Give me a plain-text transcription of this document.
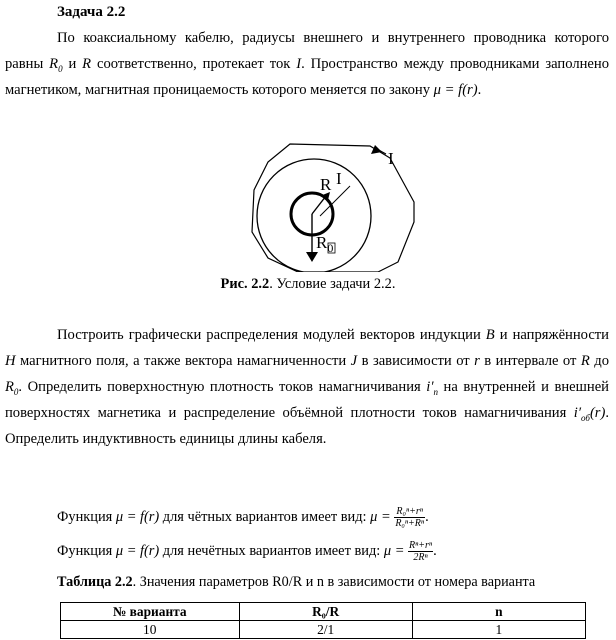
Задача 2.2
По коаксиальному кабелю, радиусы внешнего и внутреннего проводника которого равны $R_0$ и R соответственно, протекает ток I. Пространство между проводниками заполнено магнетиком, магнитная проницаемость которого меняется по закону μ = f(r).
R I
$R_0$
I
Рис. 2.2. Условие задачи 2.2.
Построить графически распределения модулей векторов индукции B и напряжённости H магнитного поля, а также вектора намагниченности J в зависимости от r в интервале от R до $R_0$. Определить поверхностную плотность токов намагничивания $i'_п$ на внутренней и внешней поверхностях магнетика и распределение объёмной плотности токов намагничивания $i'_{об}(r)$. Определить индуктивность единицы длины кабеля.
Функция μ = f(r) для чётных вариантов имеет вид: $\mu = \frac{\text{R₀ⁿ+rⁿ}}{\text{R₀ⁿ+Rⁿ}}$ .
Функция μ = f(r) для нечётных вариантов имеет вид: $\mu = \frac{\text{Rⁿ+rⁿ}}{\text{2Rⁿ}}$ .
Таблица 2.2. Значения параметров R0/R и n в зависимости от номера варианта
№ варианта	R₀/R	n
10	2/1	1
